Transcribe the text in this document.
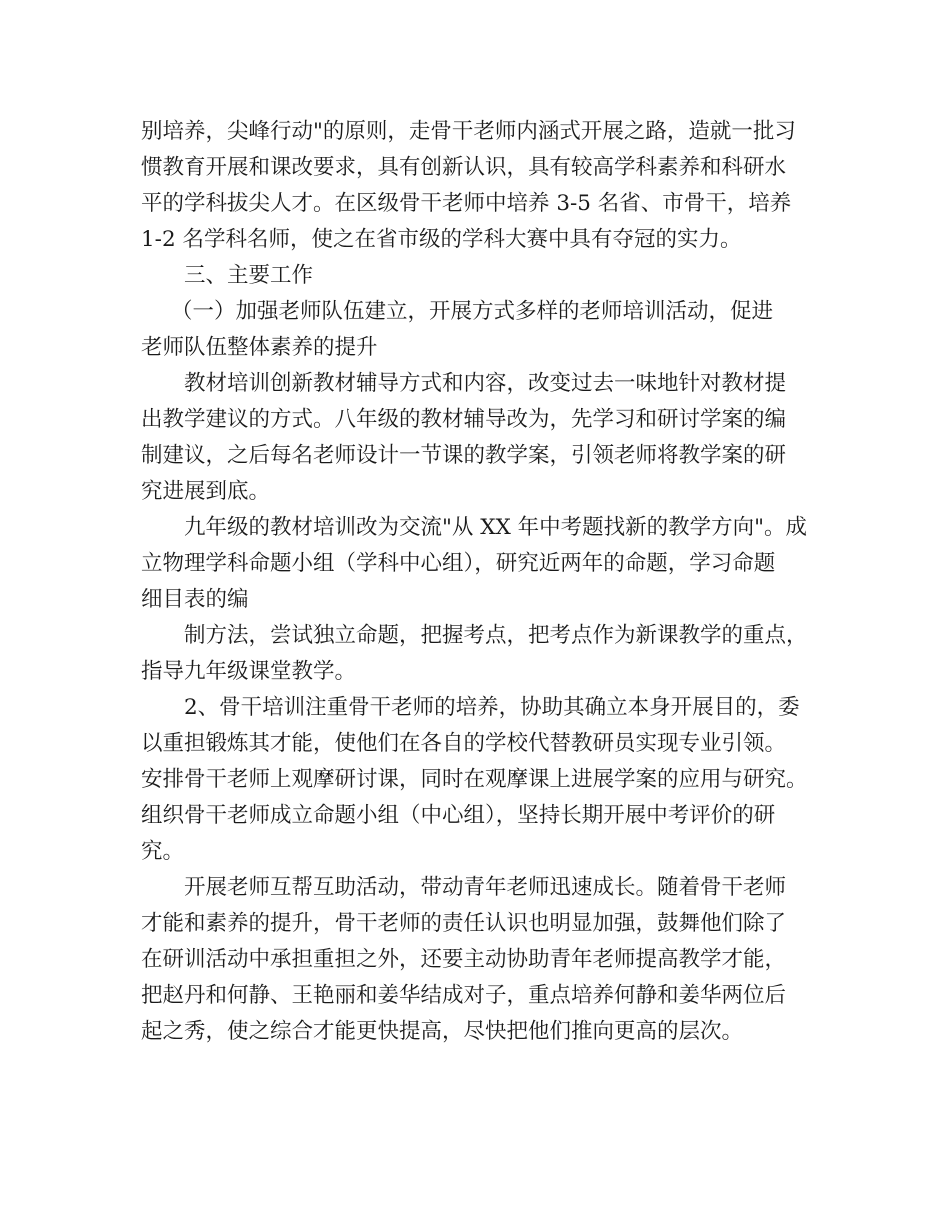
别培养，尖峰行动"的原则，走骨干老师内涵式开展之路，造就一批习
惯教育开展和课改要求，具有创新认识，具有较高学科素养和科研水
平的学科拔尖人才。在区级骨干老师中培养 3-5 名省、市骨干，培养
1-2 名学科名师，使之在省市级的学科大赛中具有夺冠的实力。
三、主要工作
（一）加强老师队伍建立，开展方式多样的老师培训活动，促进
老师队伍整体素养的提升
教材培训创新教材辅导方式和内容，改变过去一味地针对教材提
出教学建议的方式。八年级的教材辅导改为，先学习和研讨学案的编
制建议，之后每名老师设计一节课的教学案，引领老师将教学案的研
究进展到底。
九年级的教材培训改为交流"从 XX 年中考题找新的教学方向"。成
立物理学科命题小组（学科中心组），研究近两年的命题，学习命题
细目表的编
制方法，尝试独立命题，把握考点，把考点作为新课教学的重点，
指导九年级课堂教学。
2、骨干培训注重骨干老师的培养，协助其确立本身开展目的，委
以重担锻炼其才能，使他们在各自的学校代替教研员实现专业引领。
安排骨干老师上观摩研讨课，同时在观摩课上进展学案的应用与研究。
组织骨干老师成立命题小组（中心组），坚持长期开展中考评价的研
究。
开展老师互帮互助活动，带动青年老师迅速成长。随着骨干老师
才能和素养的提升，骨干老师的责任认识也明显加强，鼓舞他们除了
在研训活动中承担重担之外，还要主动协助青年老师提高教学才能，
把赵丹和何静、王艳丽和姜华结成对子，重点培养何静和姜华两位后
起之秀，使之综合才能更快提高，尽快把他们推向更高的层次。
